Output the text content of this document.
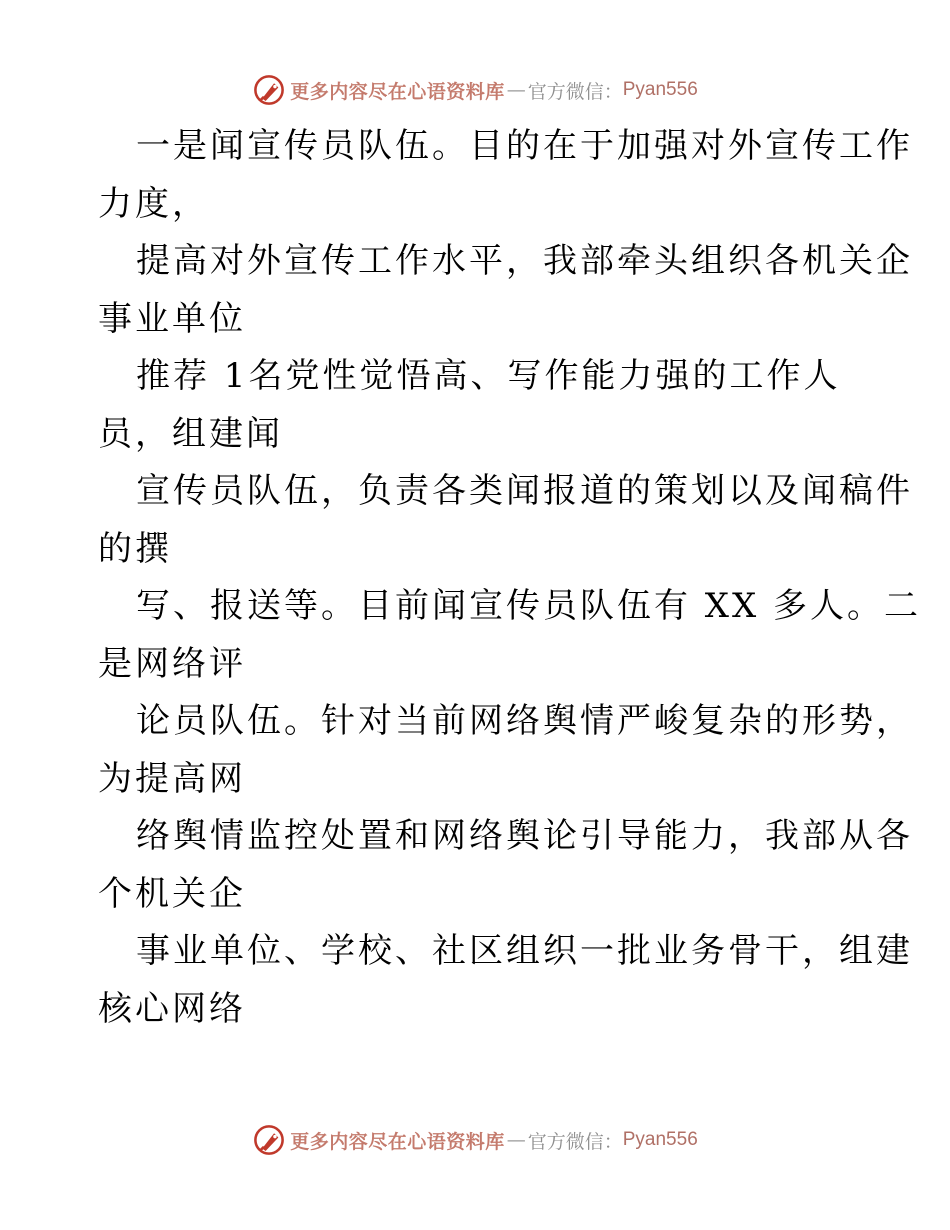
更多内容尽在心语资料库 — 官方微信： Pyan556
一是闻宣传员队伍。目的在于加强对外宣传工作
力度，
提高对外宣传工作水平，我部牵头组织各机关企
事业单位
推荐 1名党性觉悟高、写作能力强的工作人
员，组建闻
宣传员队伍，负责各类闻报道的策划以及闻稿件
的撰
写、报送等。目前闻宣传员队伍有 XX 多人。二
是网络评
论员队伍。针对当前网络舆情严峻复杂的形势，
为提高网
络舆情监控处置和网络舆论引导能力，我部从各
个机关企
事业单位、学校、社区组织一批业务骨干，组建
核心网络
更多内容尽在心语资料库 — 官方微信： Pyan556
